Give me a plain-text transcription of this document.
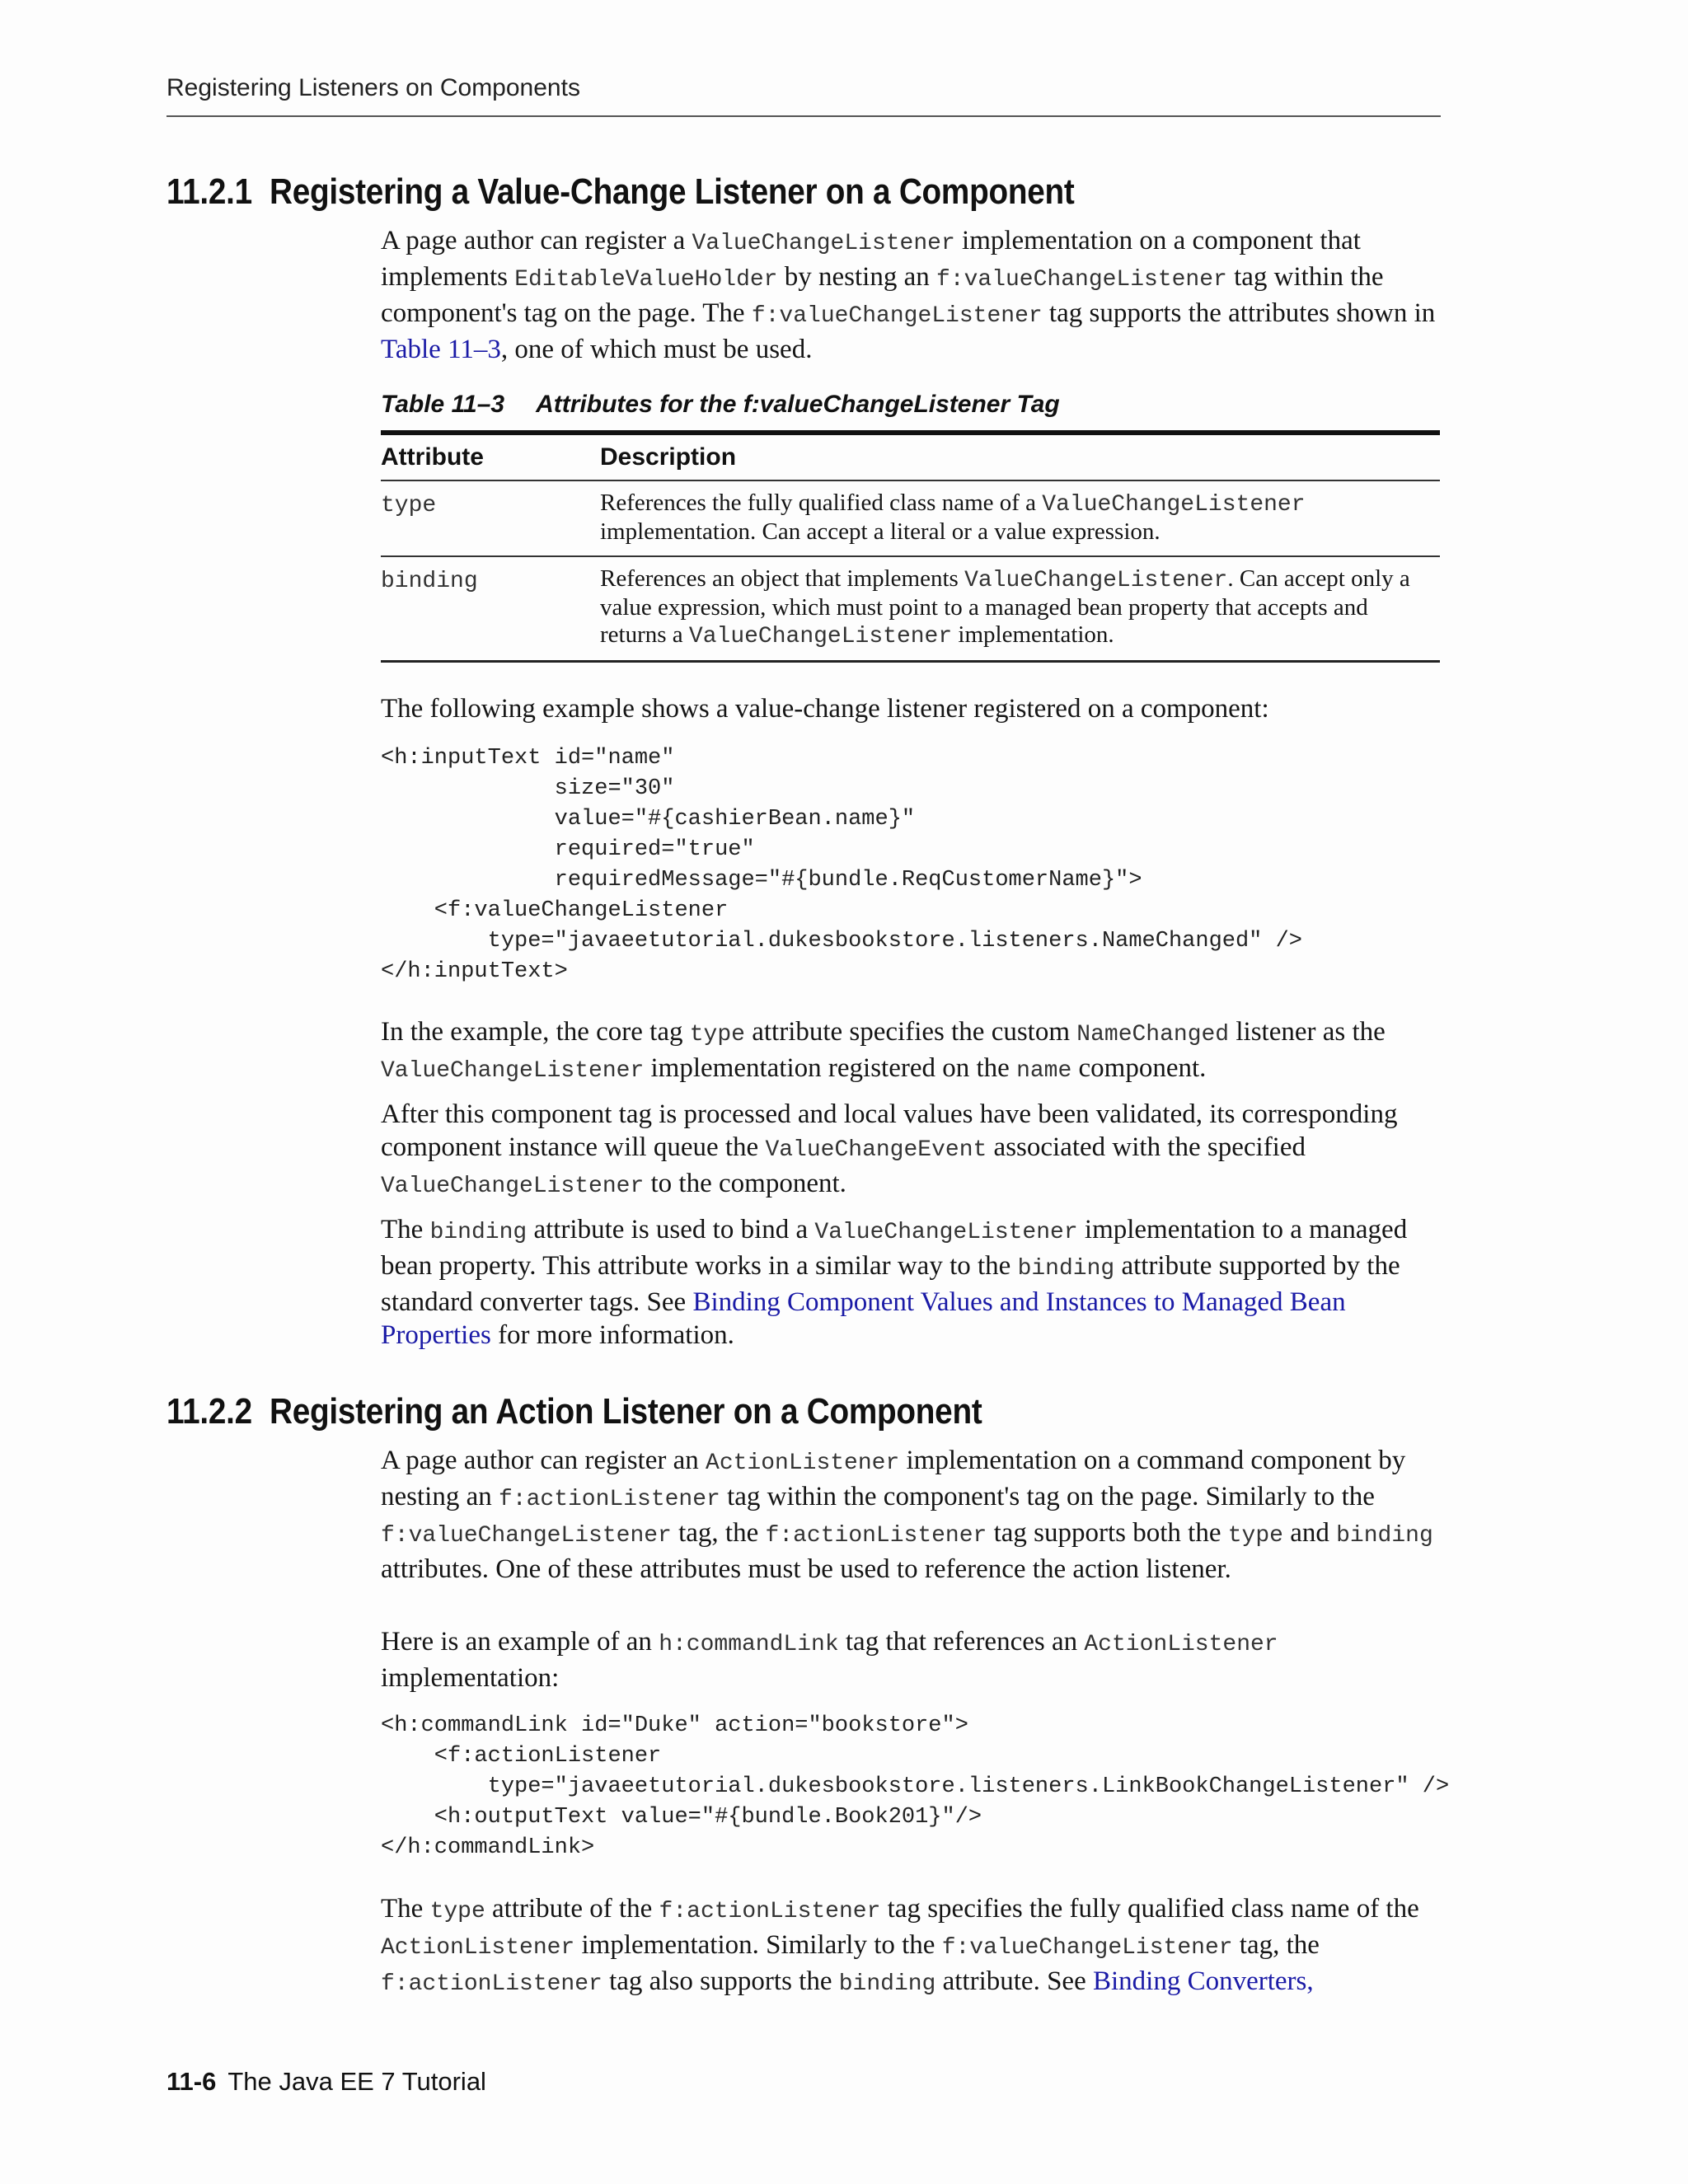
Registering Listeners on Components
11.2.1 Registering a Value-Change Listener on a Component

A page author can register a ValueChangeListener implementation on a component that implements EditableValueHolder by nesting an f:valueChangeListener tag within the component's tag on the page. The f:valueChangeListener tag supports the attributes shown in Table 11–3, one of which must be used.

Table 11–3 Attributes for the f:valueChangeListener Tag

Attribute	Description
type	References the fully qualified class name of a ValueChangeListener implementation. Can accept a literal or a value expression.
binding	References an object that implements ValueChangeListener. Can accept only a value expression, which must point to a managed bean property that accepts and returns a ValueChangeListener implementation.

The following example shows a value-change listener registered on a component:

<h:inputText id="name"
size="30"
value="#{cashierBean.name}"
required="true"
requiredMessage="#{bundle.ReqCustomerName}">
<f:valueChangeListener
type="javaeetutorial.dukesbookstore.listeners.NameChanged" />
</h:inputText>

In the example, the core tag type attribute specifies the custom NameChanged listener as the ValueChangeListener implementation registered on the name component.

After this component tag is processed and local values have been validated, its corresponding component instance will queue the ValueChangeEvent associated with the specified ValueChangeListener to the component.

The binding attribute is used to bind a ValueChangeListener implementation to a managed bean property. This attribute works in a similar way to the binding attribute supported by the standard converter tags. See Binding Component Values and Instances to Managed Bean Properties for more information.

11.2.2 Registering an Action Listener on a Component

A page author can register an ActionListener implementation on a command component by nesting an f:actionListener tag within the component's tag on the page. Similarly to the f:valueChangeListener tag, the f:actionListener tag supports both the type and binding attributes. One of these attributes must be used to reference the action listener.

Here is an example of an h:commandLink tag that references an ActionListener implementation:

<h:commandLink id="Duke" action="bookstore">
<f:actionListener
type="javaeetutorial.dukesbookstore.listeners.LinkBookChangeListener" />
<h:outputText value="#{bundle.Book201}"/>
</h:commandLink>

The type attribute of the f:actionListener tag specifies the fully qualified class name of the ActionListener implementation. Similarly to the f:valueChangeListener tag, the f:actionListener tag also supports the binding attribute. See Binding Converters,

11-6 The Java EE 7 Tutorial
